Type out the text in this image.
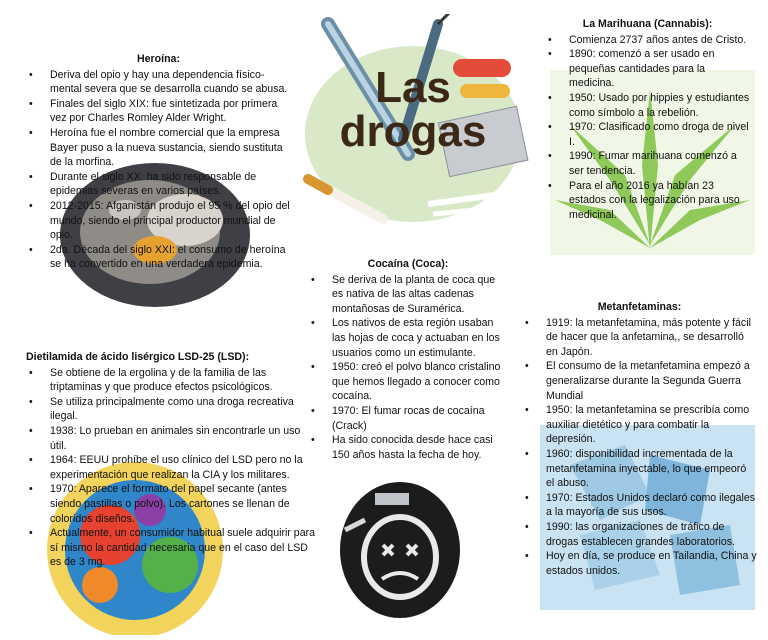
Las drogas
Heroína:
• Deriva del opio y hay una dependencia físico-mental severa que se desarrolla cuando se abusa.
• Finales del siglo XIX: fue sintetizada por primera vez por Charles Romley Alder Wright.
• Heroína fue el nombre comercial que la empresa Bayer puso a la nueva sustancia, siendo sustituta de la morfina.
• Durante el siglo XX: ha sido responsable de epidemias severas en varios países.
• 2012-2015: Afganistán produjo el 95 % del opio del mundo, siendo el principal productor mundial de opio.
• 2da. Década del siglo XXI: el consumo de heroína se ha convertido en una verdadera epidemia.
Dietilamida de ácido lisérgico LSD-25 (LSD):
• Se obtiene de la ergolina y de la familia de las triptaminas y que produce efectos psicológicos.
• Se utiliza principalmente como una droga recreativa ilegal.
• 1938: Lo prueban en animales sin encontrarle un uso útil.
• 1964: EEUU prohíbe el uso clínico del LSD pero no la experimentación que realizan la CIA y los militares.
• 1970: Aparece el formato del papel secante (antes siendo pastillas o polvo). Los cartones se llenan de coloridos diseños.
• Actualmente, un consumidor habitual suele adquirir para sí mismo la cantidad necesaria que en el caso del LSD es de 3 mg.
Cocaína (Coca):
• Se deriva de la planta de coca que es nativa de las altas cadenas montañosas de Suramérica.
• Los nativos de esta región usaban las hojas de coca y actuaban en los usuarios como un estimulante.
• 1950: creó el polvo blanco cristalino que hemos llegado a conocer como cocaína.
• 1970: El fumar rocas de cocaína (Crack)
• Ha sido conocida desde hace casi 150 años hasta la fecha de hoy.
La Marihuana (Cannabis):
• Comienza 2737 años antes de Cristo.
• 1890: comenzó a ser usado en pequeñas cantidades para la medicina.
• 1950: Usado por hippies y estudiantes como símbolo a la rebelión.
• 1970: Clasificado como droga de nivel I.
• 1990: Fumar marihuana comenzó a ser tendencia.
• Para el año 2016 ya habían 23 estados con la legalización para uso medicinal.
Metanfetaminas:
• 1919: la metanfetamina, más potente y fácil de hacer que la anfetamina,, se desarrolló en Japón.
• El consumo de la metanfetamina empezó a generalizarse durante la Segunda Guerra Mundial
• 1950: la metanfetamina se prescribía como auxiliar dietético y para combatir la depresión.
• 1960: disponibilidad incrementada de la metanfetamina inyectable, lo que empeoró el abuso.
• 1970: Estados Unidos declaró como ilegales a la mayoría de sus usos.
• 1990: las organizaciones de tráfico de drogas establecen grandes laboratorios.
• Hoy en día, se produce en Tailandia, China y estados unidos.
